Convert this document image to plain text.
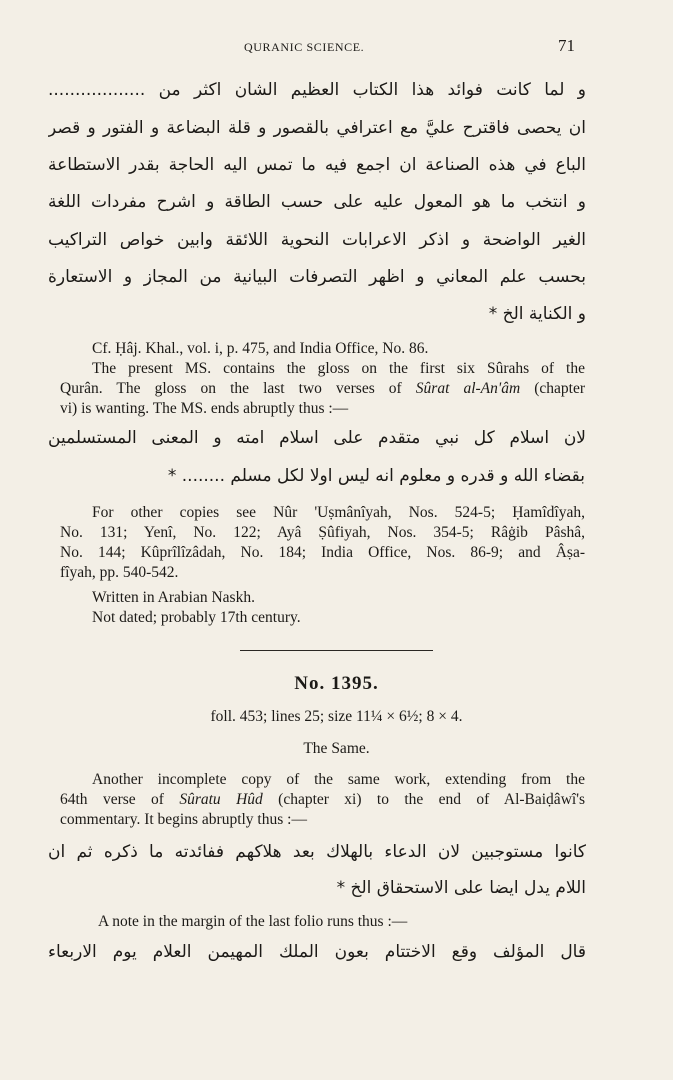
QURANIC SCIENCE.	71
و لما كانت فوائد هذا الكتاب العظيم الشان اكثر من ..................
ان يحصى فاقترح عليَّ مع اعترافي بالقصور و قلة البضاعة و الفتور و قصر
الباع في هذه الصناعة ان اجمع فيه ما تمس اليه الحاجة بقدر الاستطاعة
و انتخب ما هو المعول عليه على حسب الطاقة و اشرح مفردات اللغة
الغير الواضحة و اذكر الاعرابات النحوية اللائقة وابين خواص التراكيب
بحسب علم المعاني و اظهر التصرفات البيانية من المجاز و الاستعارة
و الكناية الخ *
Cf. Ḥâj. Khal., vol. i, p. 475, and India Office, No. 86.
The present MS. contains the gloss on the first six Sûrahs of the
Qurân. The gloss on the last two verses of Sûrat al-An'âm (chapter
vi) is wanting. The MS. ends abruptly thus :—
لان اسلام كل نبي متقدم على اسلام امته و المعنى المستسلمين
بقضاء الله و قدره و معلوم انه ليس اولا لكل مسلم ........ *
For other copies see Nûr 'Uṣmânîyah, Nos. 524-5; Ḥamîdîyah,
No. 131; Yenî, No. 122; Ayâ Ṣûfiyah, Nos. 354-5; Râġib Pâshâ,
No. 144; Kûprîlîzâdah, No. 184; India Office, Nos. 86-9; and Âṣa-
fîyah, pp. 540-542.
Written in Arabian Naskh.
Not dated; probably 17th century.
No. 1395.
foll. 453; lines 25; size 11¼ × 6½; 8 × 4.
The Same.
Another incomplete copy of the same work, extending from the
64th verse of Sûratu Hûd (chapter xi) to the end of Al-Baiḍâwî's
commentary. It begins abruptly thus :—
كانوا مستوجبين لان الدعاء بالهلاك بعد هلاكهم ففائدته ما ذكره ثم ان
اللام يدل ايضا على الاستحقاق الخ *
A note in the margin of the last folio runs thus :—
قال المؤلف وقع الاختتام بعون الملك المهيمن العلام يوم الاربعاء
